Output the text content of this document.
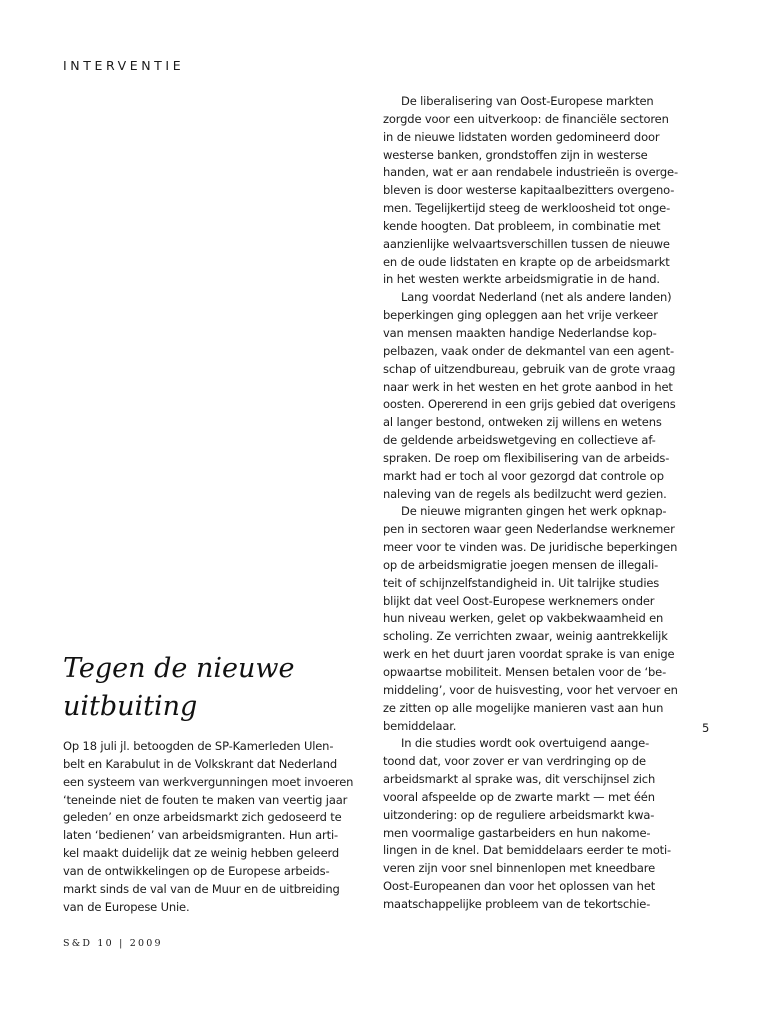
INTERVENTIE

De liberalisering van Oost-Europese markten
zorgde voor een uitverkoop: de financiële sectoren
in de nieuwe lidstaten worden gedomineerd door
westerse banken, grondstoffen zijn in westerse
handen, wat er aan rendabele industrieën is overge-
bleven is door westerse kapitaalbezitters overgeno-
men. Tegelijkertijd steeg de werkloosheid tot onge-
kende hoogten. Dat probleem, in combinatie met
aanzienlijke welvaartsverschillen tussen de nieuwe
en de oude lidstaten en krapte op de arbeidsmarkt
in het westen werkte arbeidsmigratie in de hand.

Lang voordat Nederland (net als andere landen)
beperkingen ging opleggen aan het vrije verkeer
van mensen maakten handige Nederlandse kop-
pelbazen, vaak onder de dekmantel van een agent-
schap of uitzendbureau, gebruik van de grote vraag
naar werk in het westen en het grote aanbod in het
oosten. Opererend in een grijs gebied dat overigens
al langer bestond, ontweken zij willens en wetens
de geldende arbeidswetgeving en collectieve af-
spraken. De roep om flexibilisering van de arbeids-
markt had er toch al voor gezorgd dat controle op
naleving van de regels als bedilzucht werd gezien.

De nieuwe migranten gingen het werk opknap-
pen in sectoren waar geen Nederlandse werknemer
meer voor te vinden was. De juridische beperkingen
op de arbeidsmigratie joegen mensen de illegali-
teit of schijnzelfstandigheid in. Uit talrijke studies
blijkt dat veel Oost-Europese werknemers onder
hun niveau werken, gelet op vakbekwaamheid en
scholing. Ze verrichten zwaar, weinig aantrekkelijk
werk en het duurt jaren voordat sprake is van enige
opwaartse mobiliteit. Mensen betalen voor de ‘be-
middeling’, voor de huisvesting, voor het vervoer en
ze zitten op alle mogelijke manieren vast aan hun
bemiddelaar.

In die studies wordt ook overtuigend aange-
toond dat, voor zover er van verdringing op de
arbeidsmarkt al sprake was, dit verschijnsel zich
vooral afspeelde op de zwarte markt — met één
uitzondering: op de reguliere arbeidsmarkt kwa-
men voormalige gastarbeiders en hun nakome-
lingen in de knel. Dat bemiddelaars eerder te moti-
veren zijn voor snel binnenlopen met kneedbare
Oost-Europeanen dan voor het oplossen van het
maatschappelijke probleem van de tekortschie-

Tegen de nieuwe
uitbuiting

Op 18 juli jl. betoogden de SP-Kamerleden Ulen-
belt en Karabulut in de Volkskrant dat Nederland
een systeem van werkvergunningen moet invoeren
‘teneinde niet de fouten te maken van veertig jaar
geleden’ en onze arbeidsmarkt zich gedoseerd te
laten ‘bedienen’ van arbeidsmigranten. Hun arti-
kel maakt duidelijk dat ze weinig hebben geleerd
van de ontwikkelingen op de Europese arbeids-
markt sinds de val van de Muur en de uitbreiding
van de Europese Unie.

5
S&D 10 | 2009
